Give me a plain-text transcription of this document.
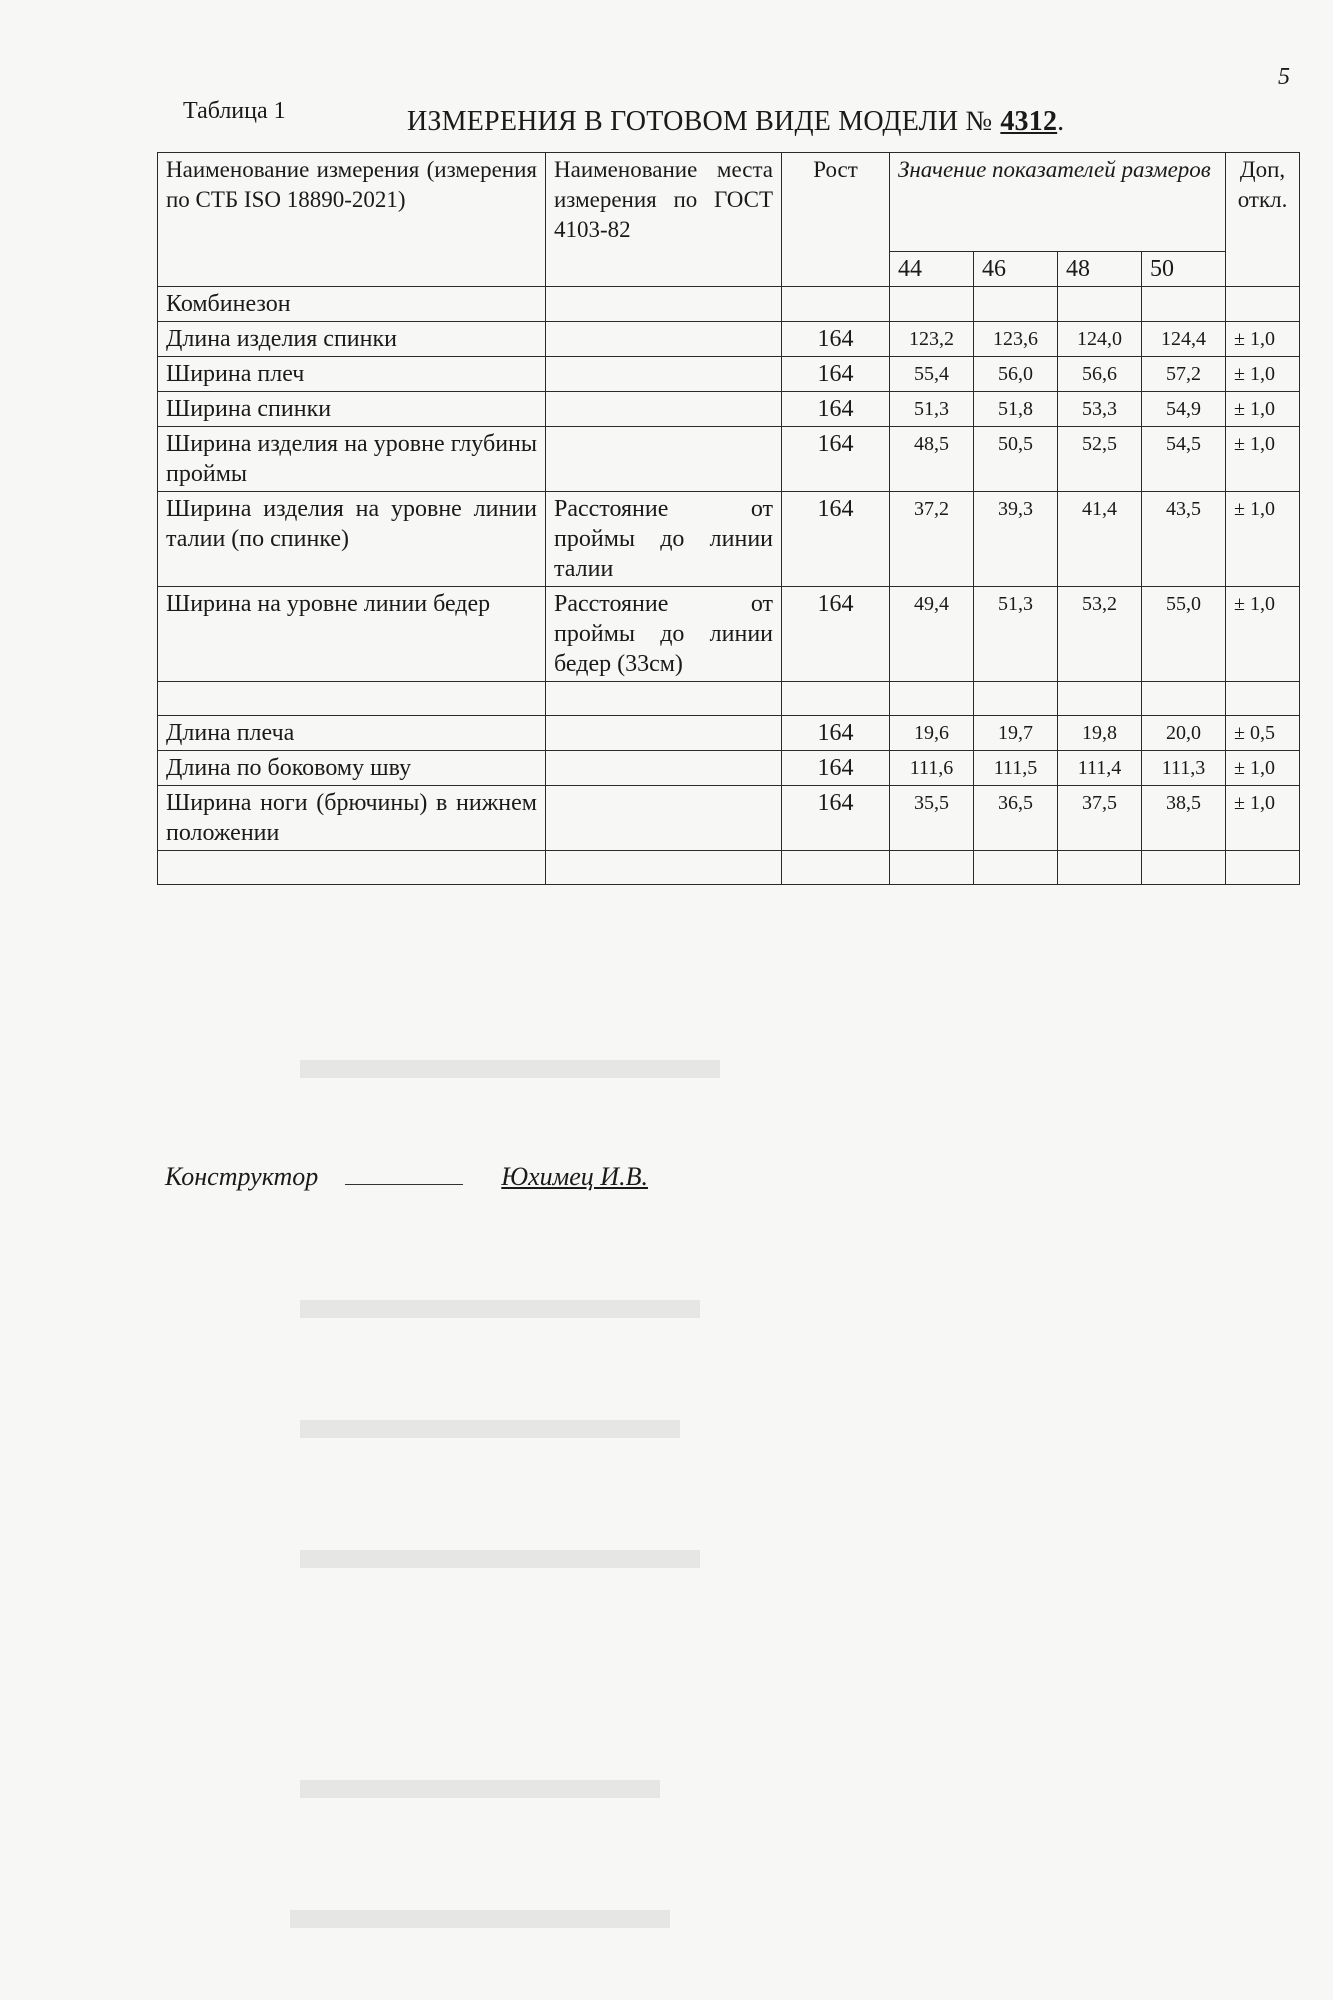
5
Таблица 1	ИЗМЕРЕНИЯ В ГОТОВОМ ВИДЕ МОДЕЛИ № 4312.
Наименование измерения (измерения по СТБ ISO 18890-2021)	Наименование места измерения по ГОСТ 4103-82	Рост	Значение показателей размеров				Доп, откл.
			44	46	48	50	
Комбинезон							
Длина изделия спинки		164	123,2	123,6	124,0	124,4	± 1,0
Ширина плеч		164	55,4	56,0	56,6	57,2	± 1,0
Ширина спинки		164	51,3	51,8	53,3	54,9	± 1,0
Ширина изделия на уровне глубины проймы		164	48,5	50,5	52,5	54,5	± 1,0
Ширина изделия на уровне линии талии (по спинке)	Расстояние от проймы до линии талии	164	37,2	39,3	41,4	43,5	± 1,0
Ширина на уровне линии бедер	Расстояние от проймы до линии бедер (33см)	164	49,4	51,3	53,2	55,0	± 1,0

Длина плеча		164	19,6	19,7	19,8	20,0	± 0,5
Длина по боковому шву		164	111,6	111,5	111,4	111,3	± 1,0
Ширина ноги (брючины) в нижнем положении		164	35,5	36,5	37,5	38,5	± 1,0

Конструктор	Юхимец И.В.
